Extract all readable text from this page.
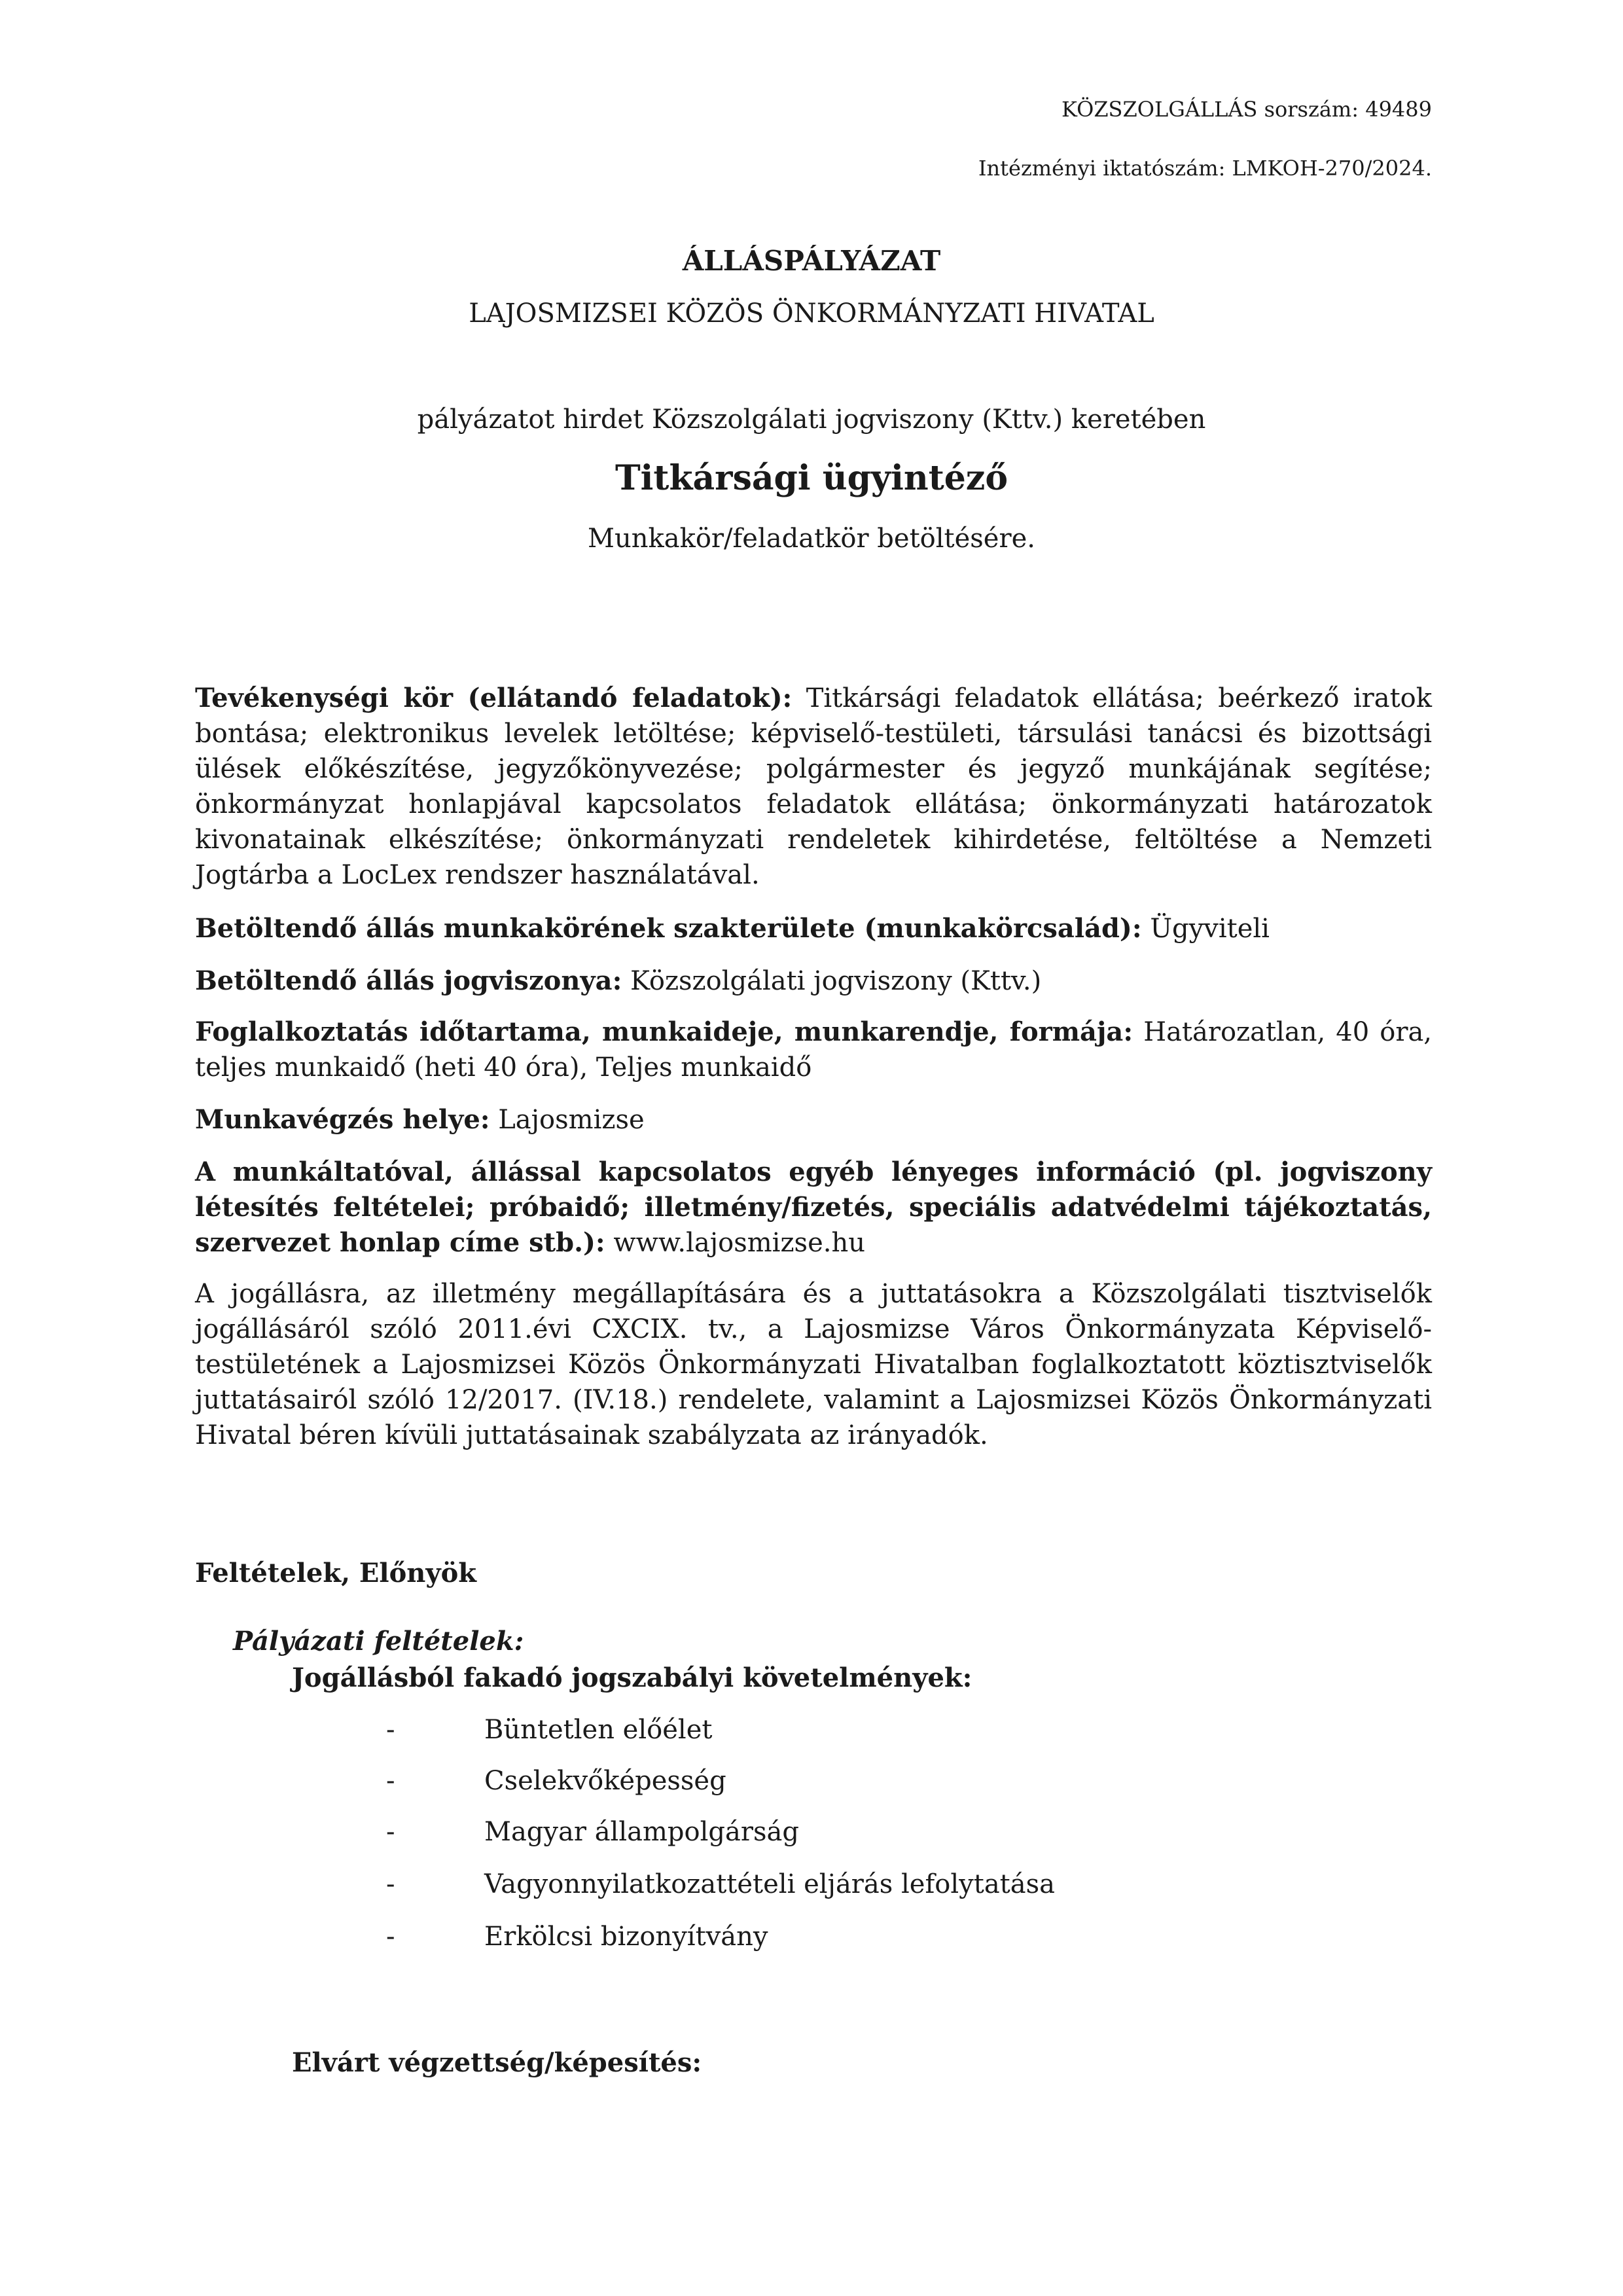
KÖZSZOLGÁLLÁS sorszám: 49489
Intézményi iktatószám: LMKOH-270/2024.
ÁLLÁSPÁLYÁZAT
LAJOSMIZSEI KÖZÖS ÖNKORMÁNYZATI HIVATAL
pályázatot hirdet Közszolgálati jogviszony (Kttv.) keretében
Titkársági ügyintéző
Munkakör/feladatkör betöltésére.
Tevékenységi kör (ellátandó feladatok): Titkársági feladatok ellátása; beérkező iratok bontása; elektronikus levelek letöltése; képviselő-testületi, társulási tanácsi és bizottsági ülések előkészítése, jegyzőkönyvezése; polgármester és jegyző munkájának segítése; önkormányzat honlapjával kapcsolatos feladatok ellátása; önkormányzati határozatok kivonatainak elkészítése; önkormányzati rendeletek kihirdetése, feltöltése a Nemzeti Jogtárba a LocLex rendszer használatával.
Betöltendő állás munkakörének szakterülete (munkakörcsalád): Ügyviteli
Betöltendő állás jogviszonya: Közszolgálati jogviszony (Kttv.)
Foglalkoztatás időtartama, munkaideje, munkarendje, formája: Határozatlan, 40 óra, teljes munkaidő (heti 40 óra), Teljes munkaidő
Munkavégzés helye: Lajosmizse
A munkáltatóval, állással kapcsolatos egyéb lényeges információ (pl. jogviszony létesítés feltételei; próbaidő; illetmény/fizetés, speciális adatvédelmi tájékoztatás, szervezet honlap címe stb.): www.lajosmizse.hu
A jogállásra, az illetmény megállapítására és a juttatásokra a Közszolgálati tisztviselők jogállásáról szóló 2011.évi CXCIX. tv., a Lajosmizse Város Önkormányzata Képviselő-testületének a Lajosmizsei Közös Önkormányzati Hivatalban foglalkoztatott köztisztviselők juttatásairól szóló 12/2017. (IV.18.) rendelete, valamint a Lajosmizsei Közös Önkormányzati Hivatal béren kívüli juttatásainak szabályzata az irányadók.
Feltételek, Előnyök
Pályázati feltételek:
Jogállásból fakadó jogszabályi követelmények:
-	Büntetlen előélet
-	Cselekvőképesség
-	Magyar állampolgárság
-	Vagyonnyilatkozattételi eljárás lefolytatása
-	Erkölcsi bizonyítvány
Elvárt végzettség/képesítés:
